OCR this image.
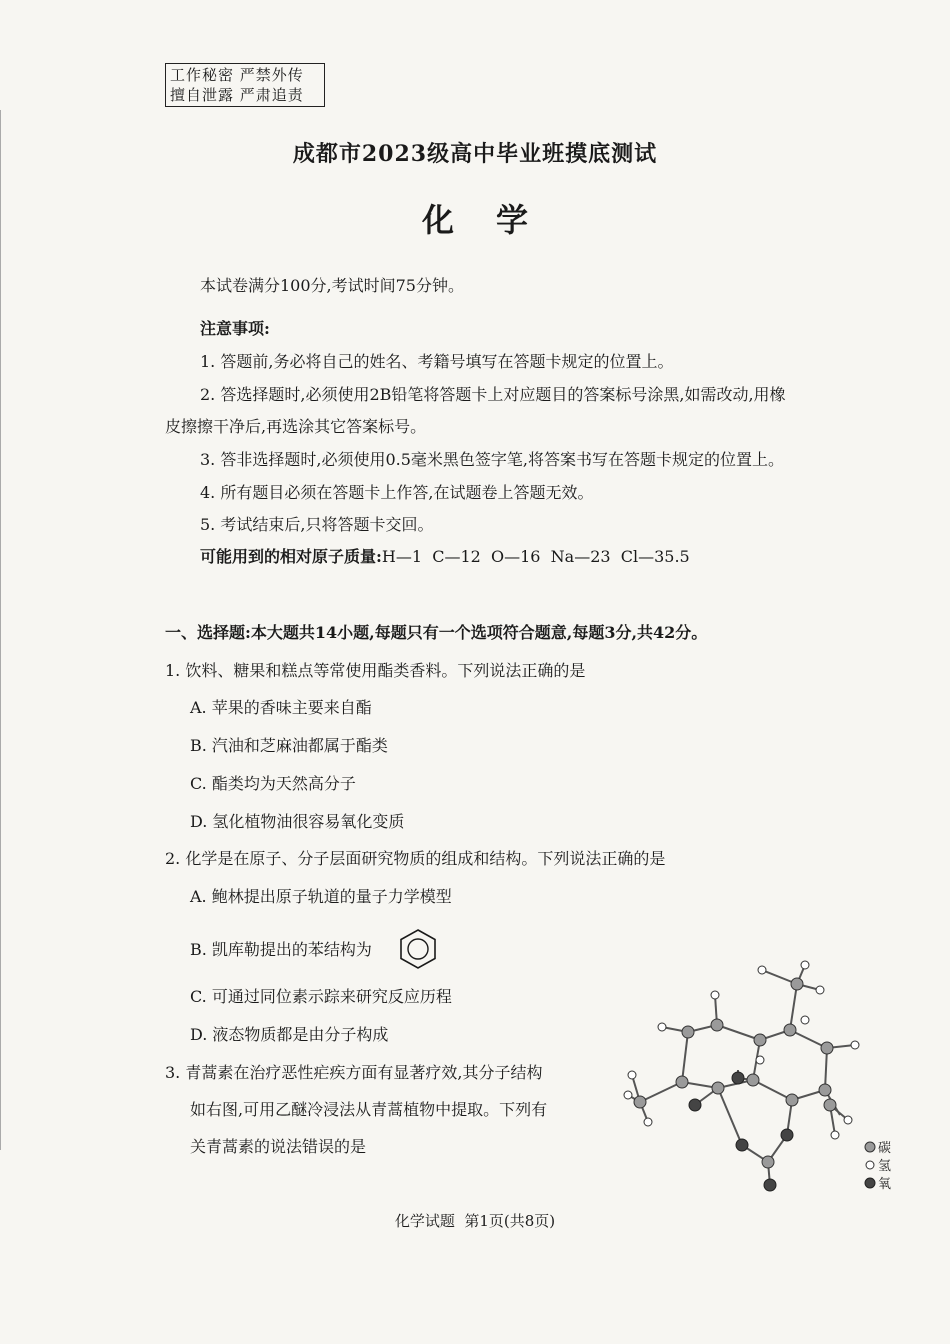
工作秘密 严禁外传
擅自泄露 严肃追责
成都市2023级高中毕业班摸底测试
化学
本试卷满分100分,考试时间75分钟。
注意事项:
1. 答题前,务必将自己的姓名、考籍号填写在答题卡规定的位置上。
2. 答选择题时,必须使用2B铅笔将答题卡上对应题目的答案标号涂黑,如需改动,用橡
皮擦擦干净后,再选涂其它答案标号。
3. 答非选择题时,必须使用0.5毫米黑色签字笔,将答案书写在答题卡规定的位置上。
4. 所有题目必须在答题卡上作答,在试题卷上答题无效。
5. 考试结束后,只将答题卡交回。
可能用到的相对原子质量:H—1  C—12  O—16  Na—23  Cl—35.5
一、选择题:本大题共14小题,每题只有一个选项符合题意,每题3分,共42分。
1. 饮料、糖果和糕点等常使用酯类香料。下列说法正确的是
A. 苹果的香味主要来自酯
B. 汽油和芝麻油都属于酯类
C. 酯类均为天然高分子
D. 氢化植物油很容易氧化变质
2. 化学是在原子、分子层面研究物质的组成和结构。下列说法正确的是
A. 鲍林提出原子轨道的量子力学模型
B. 凯库勒提出的苯结构为
C. 可通过同位素示踪来研究反应历程
D. 液态物质都是由分子构成
3. 青蒿素在治疗恶性疟疾方面有显著疗效,其分子结构
如右图,可用乙醚冷浸法从青蒿植物中提取。下列有
关青蒿素的说法错误的是	碳
氢
氧
化学试题  第1页(共8页)
